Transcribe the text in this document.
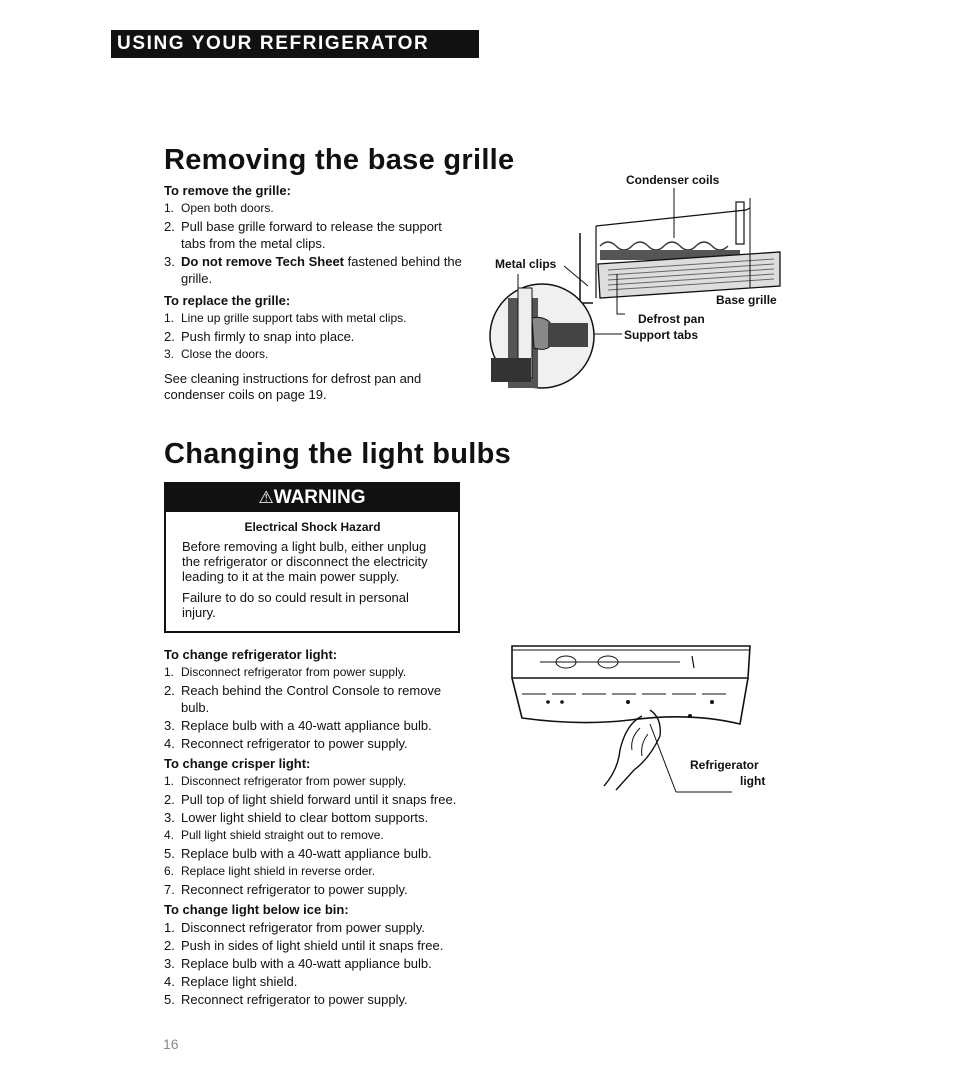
USING YOUR REFRIGERATOR
Removing the base grille
To remove the grille:
1. Open both doors.
2. Pull base grille forward to release the support tabs from the metal clips.
3. Do not remove Tech Sheet fastened behind the grille.
To replace the grille:
1. Line up grille support tabs with metal clips.
2. Push firmly to snap into place.
3. Close the doors.
See cleaning instructions for defrost pan and condenser coils on page 19.
Condenser coils
Metal clips
Base grille
Defrost pan
Support tabs
Changing the light bulbs
⚠WARNING
Electrical Shock Hazard
Before removing a light bulb, either unplug the refrigerator or disconnect the electricity leading to it at the main power supply.
Failure to do so could result in personal injury.
To change refrigerator light:
1. Disconnect refrigerator from power supply.
2. Reach behind the Control Console to remove bulb.
3. Replace bulb with a 40-watt appliance bulb.
4. Reconnect refrigerator to power supply.
To change crisper light:
1. Disconnect refrigerator from power supply.
2. Pull top of light shield forward until it snaps free.
3. Lower light shield to clear bottom supports.
4. Pull light shield straight out to remove.
5. Replace bulb with a 40-watt appliance bulb.
6. Replace light shield in reverse order.
7. Reconnect refrigerator to power supply.
To change light below ice bin:
1. Disconnect refrigerator from power supply.
2. Push in sides of light shield until it snaps free.
3. Replace bulb with a 40-watt appliance bulb.
4. Replace light shield.
5. Reconnect refrigerator to power supply.
Refrigerator
light
16
